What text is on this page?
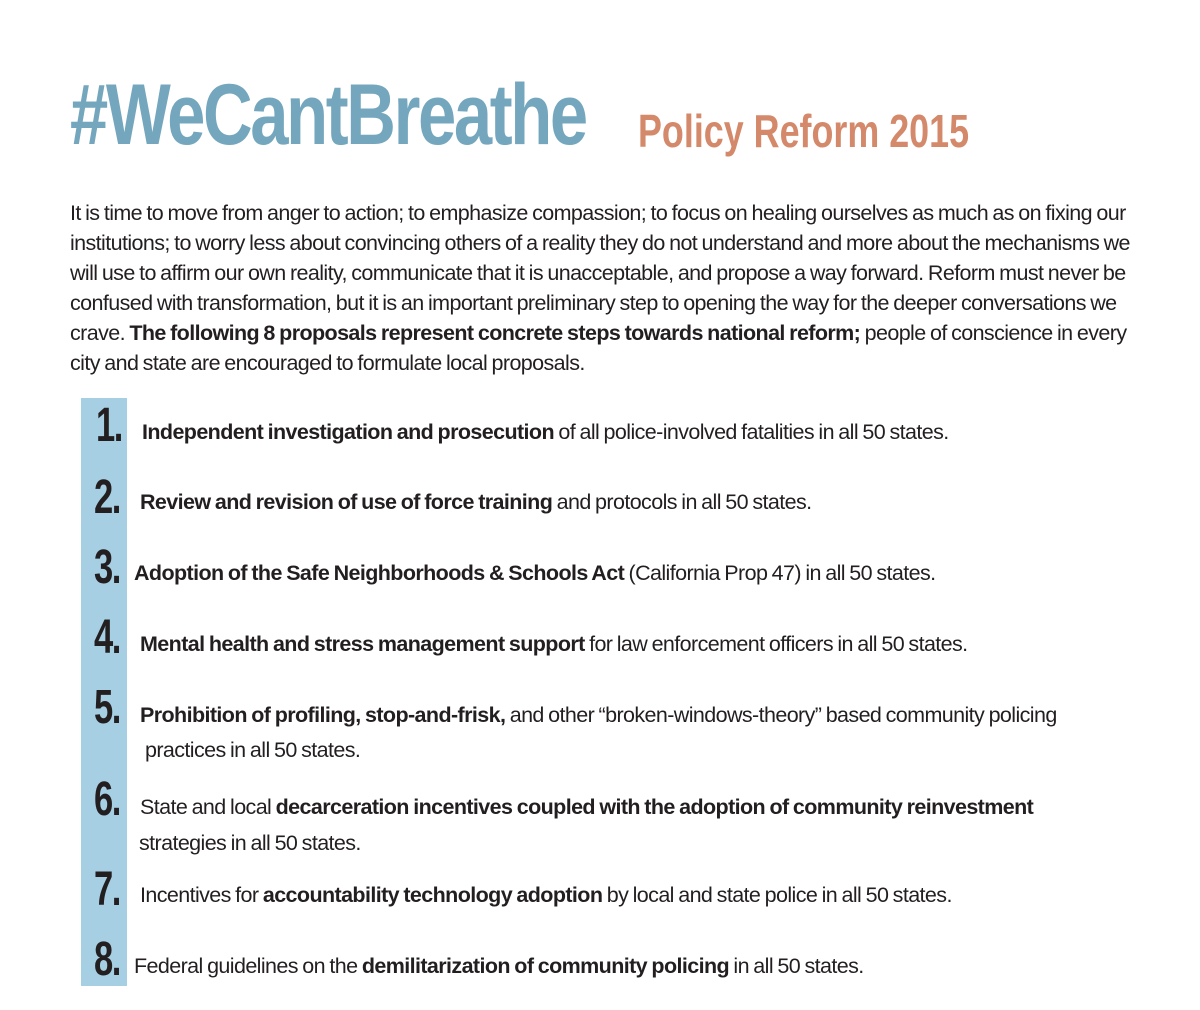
#WeCantBreathe Policy Reform 2015
It is time to move from anger to action; to emphasize compassion; to focus on healing ourselves as much as on fixing our institutions; to worry less about convincing others of a reality they do not understand and more about the mechanisms we will use to affirm our own reality, communicate that it is unacceptable, and propose a way forward. Reform must never be confused with transformation, but it is an important preliminary step to opening the way for the deeper conversations we crave. The following 8 proposals represent concrete steps towards national reform; people of conscience in every city and state are encouraged to formulate local proposals.
1. Independent investigation and prosecution of all police-involved fatalities in all 50 states.
2. Review and revision of use of force training and protocols in all 50 states.
3. Adoption of the Safe Neighborhoods & Schools Act (California Prop 47) in all 50 states.
4. Mental health and stress management support for law enforcement officers in all 50 states.
5. Prohibition of profiling, stop-and-frisk, and other “broken-windows-theory” based community policing
practices in all 50 states.
6. State and local decarceration incentives coupled with the adoption of community reinvestment
strategies in all 50 states.
7. Incentives for accountability technology adoption by local and state police in all 50 states.
8. Federal guidelines on the demilitarization of community policing in all 50 states.
